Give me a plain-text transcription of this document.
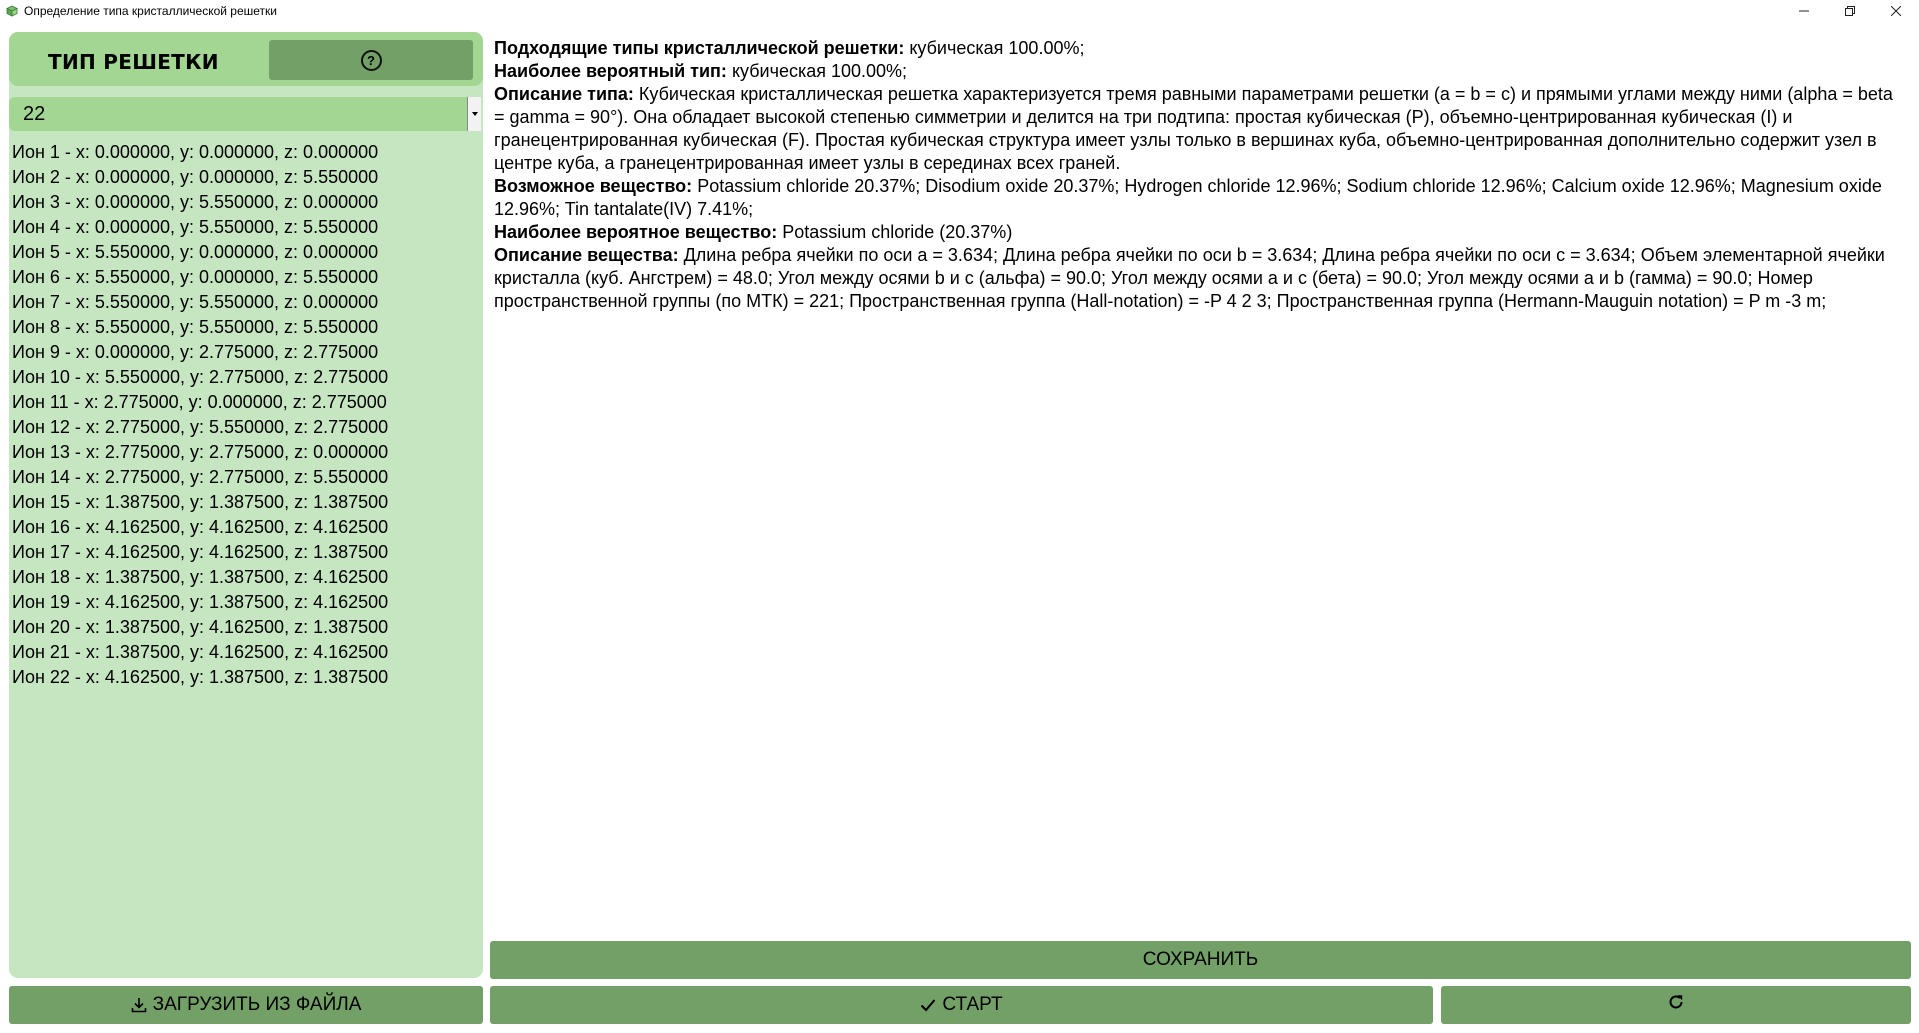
Определение типа кристаллической решетки
ТИП РЕШЕТКИ	?
22
Ион 1 - x: 0.000000, y: 0.000000, z: 0.000000
Ион 2 - x: 0.000000, y: 0.000000, z: 5.550000
Ион 3 - x: 0.000000, y: 5.550000, z: 0.000000
Ион 4 - x: 0.000000, y: 5.550000, z: 5.550000
Ион 5 - x: 5.550000, y: 0.000000, z: 0.000000
Ион 6 - x: 5.550000, y: 0.000000, z: 5.550000
Ион 7 - x: 5.550000, y: 5.550000, z: 0.000000
Ион 8 - x: 5.550000, y: 5.550000, z: 5.550000
Ион 9 - x: 0.000000, y: 2.775000, z: 2.775000
Ион 10 - x: 5.550000, y: 2.775000, z: 2.775000
Ион 11 - x: 2.775000, y: 0.000000, z: 2.775000
Ион 12 - x: 2.775000, y: 5.550000, z: 2.775000
Ион 13 - x: 2.775000, y: 2.775000, z: 0.000000
Ион 14 - x: 2.775000, y: 2.775000, z: 5.550000
Ион 15 - x: 1.387500, y: 1.387500, z: 1.387500
Ион 16 - x: 4.162500, y: 4.162500, z: 4.162500
Ион 17 - x: 4.162500, y: 4.162500, z: 1.387500
Ион 18 - x: 1.387500, y: 1.387500, z: 4.162500
Ион 19 - x: 4.162500, y: 1.387500, z: 4.162500
Ион 20 - x: 1.387500, y: 4.162500, z: 1.387500
Ион 21 - x: 1.387500, y: 4.162500, z: 4.162500
Ион 22 - x: 4.162500, y: 1.387500, z: 1.387500

Подходящие типы кристаллической решетки: кубическая 100.00%;

Наиболее вероятный тип: кубическая 100.00%;

Описание типа: Кубическая кристаллическая решетка характеризуется тремя равными параметрами решетки (a = b = c) и прямыми углами между ними (alpha = beta = gamma = 90°). Она обладает высокой степенью симметрии и делится на три подтипа: простая кубическая (P), объемно-центрированная кубическая (I) и гранецентрированная кубическая (F). Простая кубическая структура имеет узлы только в вершинах куба, объемно-центрированная дополнительно содержит узел в центре куба, а гранецентрированная имеет узлы в серединах всех граней.

Возможное вещество: Potassium chloride 20.37%; Disodium oxide 20.37%; Hydrogen chloride 12.96%; Sodium chloride 12.96%; Calcium oxide 12.96%; Magnesium oxide 12.96%; Tin tantalate(IV) 7.41%;

Наиболее вероятное вещество: Potassium chloride (20.37%)

Описание вещества: Длина ребра ячейки по оси a = 3.634; Длина ребра ячейки по оси b = 3.634; Длина ребра ячейки по оси c = 3.634; Объем элементарной ячейки кристалла (куб. Ангстрем) = 48.0; Угол между осями b и c (альфа) = 90.0; Угол между осями a и c (бета) = 90.0; Угол между осями a и b (гамма) = 90.0; Номер пространственной группы (по МТК) = 221; Пространственная группа (Hall-notation) = -P 4 2 3; Пространственная группа (Hermann-Mauguin notation) = P m -3 m;

СОХРАНИТЬ
ЗАГРУЗИТЬ ИЗ ФАЙЛА	СТАРТ
